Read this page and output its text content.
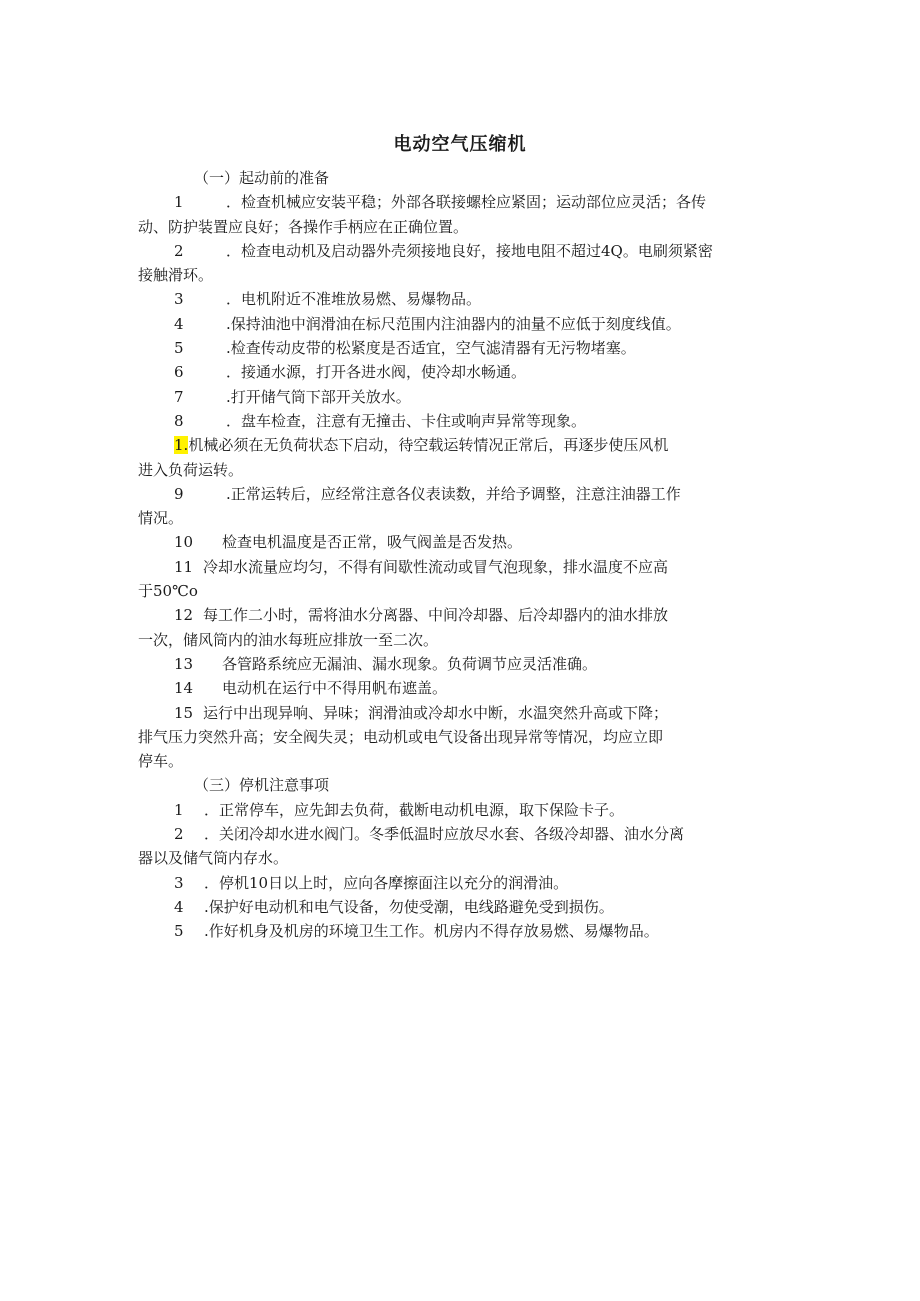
电动空气压缩机
（一）起动前的准备
1	．检查机械应安装平稳；外部各联接螺栓应紧固；运动部位应灵活；各传
动、防护装置应良好；各操作手柄应在正确位置。
2	．检查电动机及启动器外壳须接地良好，接地电阻不超过4Q。电刷须紧密
接触滑环。
3	．电机附近不准堆放易燃、易爆物品。
4	.保持油池中润滑油在标尺范围内注油器内的油量不应低于刻度线值。
5	.检查传动皮带的松紧度是否适宜，空气滤清器有无污物堵塞。
6	．接通水源，打开各进水阀，使冷却水畅通。
7	.打开储气筒下部开关放水。
8	．盘车检查，注意有无撞击、卡住或响声异常等现象。
1.机械必须在无负荷状态下启动，待空载运转情况正常后，再逐步使压风机
进入负荷运转。
9	.正常运转后，应经常注意各仪表读数，并给予调整，注意注油器工作
情况。
10 检查电机温度是否正常，吸气阀盖是否发热。
11 冷却水流量应均匀，不得有间歇性流动或冒气泡现象，排水温度不应高
于50℃o
12 每工作二小时，需将油水分离器、中间冷却器、后冷却器内的油水排放
一次，储风筒内的油水每班应排放一至二次。
13 各管路系统应无漏油、漏水现象。负荷调节应灵活准确。
14 电动机在运行中不得用帆布遮盖。
15 运行中出现异响、异味；润滑油或冷却水中断，水温突然升高或下降；
排气压力突然升高；安全阀失灵；电动机或电气设备出现异常等情况，均应立即
停车。
（三）停机注意事项
1 ．正常停车，应先卸去负荷，截断电动机电源，取下保险卡子。
2 ．关闭冷却水进水阀门。冬季低温时应放尽水套、各级冷却器、油水分离
器以及储气筒内存水。
3 ．停机10日以上时，应向各摩擦面注以充分的润滑油。
4 .保护好电动机和电气设备，勿使受潮，电线路避免受到损伤。
5 .作好机身及机房的环境卫生工作。机房内不得存放易燃、易爆物品。
